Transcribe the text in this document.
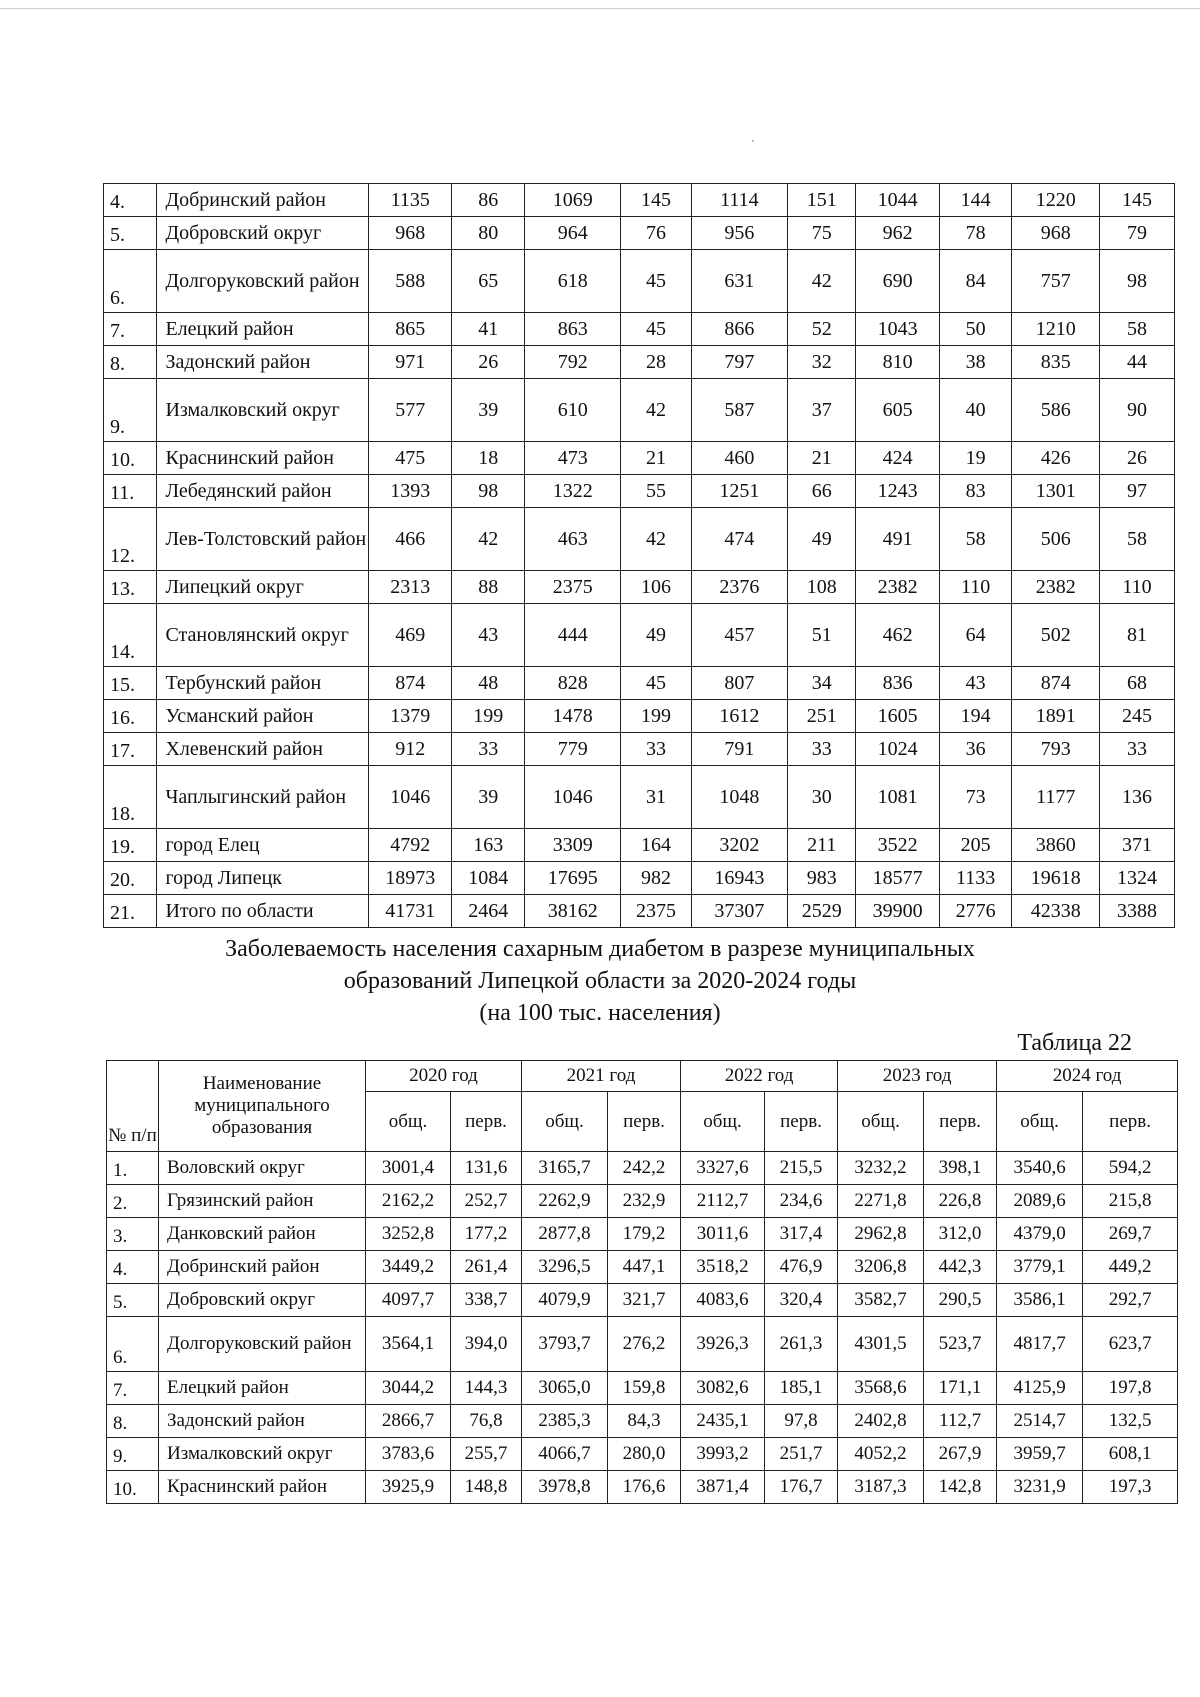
4.	Добринский район	1135	86	1069	145	1114	151	1044	144	1220	145
5.	Добровский округ	968	80	964	76	956	75	962	78	968	79
6.	Долгоруковский район	588	65	618	45	631	42	690	84	757	98
7.	Елецкий район	865	41	863	45	866	52	1043	50	1210	58
8.	Задонский район	971	26	792	28	797	32	810	38	835	44
9.	Измалковский округ	577	39	610	42	587	37	605	40	586	90
10.	Краснинский район	475	18	473	21	460	21	424	19	426	26
11.	Лебедянский район	1393	98	1322	55	1251	66	1243	83	1301	97
12.	Лев-Толстовский район	466	42	463	42	474	49	491	58	506	58
13.	Липецкий округ	2313	88	2375	106	2376	108	2382	110	2382	110
14.	Становлянский округ	469	43	444	49	457	51	462	64	502	81
15.	Тербунский район	874	48	828	45	807	34	836	43	874	68
16.	Усманский район	1379	199	1478	199	1612	251	1605	194	1891	245
17.	Хлевенский район	912	33	779	33	791	33	1024	36	793	33
18.	Чаплыгинский район	1046	39	1046	31	1048	30	1081	73	1177	136
19.	город Елец	4792	163	3309	164	3202	211	3522	205	3860	371
20.	город Липецк	18973	1084	17695	982	16943	983	18577	1133	19618	1324
21.	Итого по области	41731	2464	38162	2375	37307	2529	39900	2776	42338	3388
Заболеваемость населения сахарным диабетом в разрезе муниципальных
образований Липецкой области за 2020-2024 годы
(на 100 тыс. населения)
Таблица 22
№ п/п	Наименование муниципального образования	2020 год		2021 год		2022 год		2023 год		2024 год	
		общ.	перв.	общ.	перв.	общ.	перв.	общ.	перв.	общ.	перв.
1.	Воловский округ	3001,4	131,6	3165,7	242,2	3327,6	215,5	3232,2	398,1	3540,6	594,2
2.	Грязинский район	2162,2	252,7	2262,9	232,9	2112,7	234,6	2271,8	226,8	2089,6	215,8
3.	Данковский район	3252,8	177,2	2877,8	179,2	3011,6	317,4	2962,8	312,0	4379,0	269,7
4.	Добринский район	3449,2	261,4	3296,5	447,1	3518,2	476,9	3206,8	442,3	3779,1	449,2
5.	Добровский округ	4097,7	338,7	4079,9	321,7	4083,6	320,4	3582,7	290,5	3586,1	292,7
6.	Долгоруковский район	3564,1	394,0	3793,7	276,2	3926,3	261,3	4301,5	523,7	4817,7	623,7
7.	Елецкий район	3044,2	144,3	3065,0	159,8	3082,6	185,1	3568,6	171,1	4125,9	197,8
8.	Задонский район	2866,7	76,8	2385,3	84,3	2435,1	97,8	2402,8	112,7	2514,7	132,5
9.	Измалковский округ	3783,6	255,7	4066,7	280,0	3993,2	251,7	4052,2	267,9	3959,7	608,1
10.	Краснинский район	3925,9	148,8	3978,8	176,6	3871,4	176,7	3187,3	142,8	3231,9	197,3
